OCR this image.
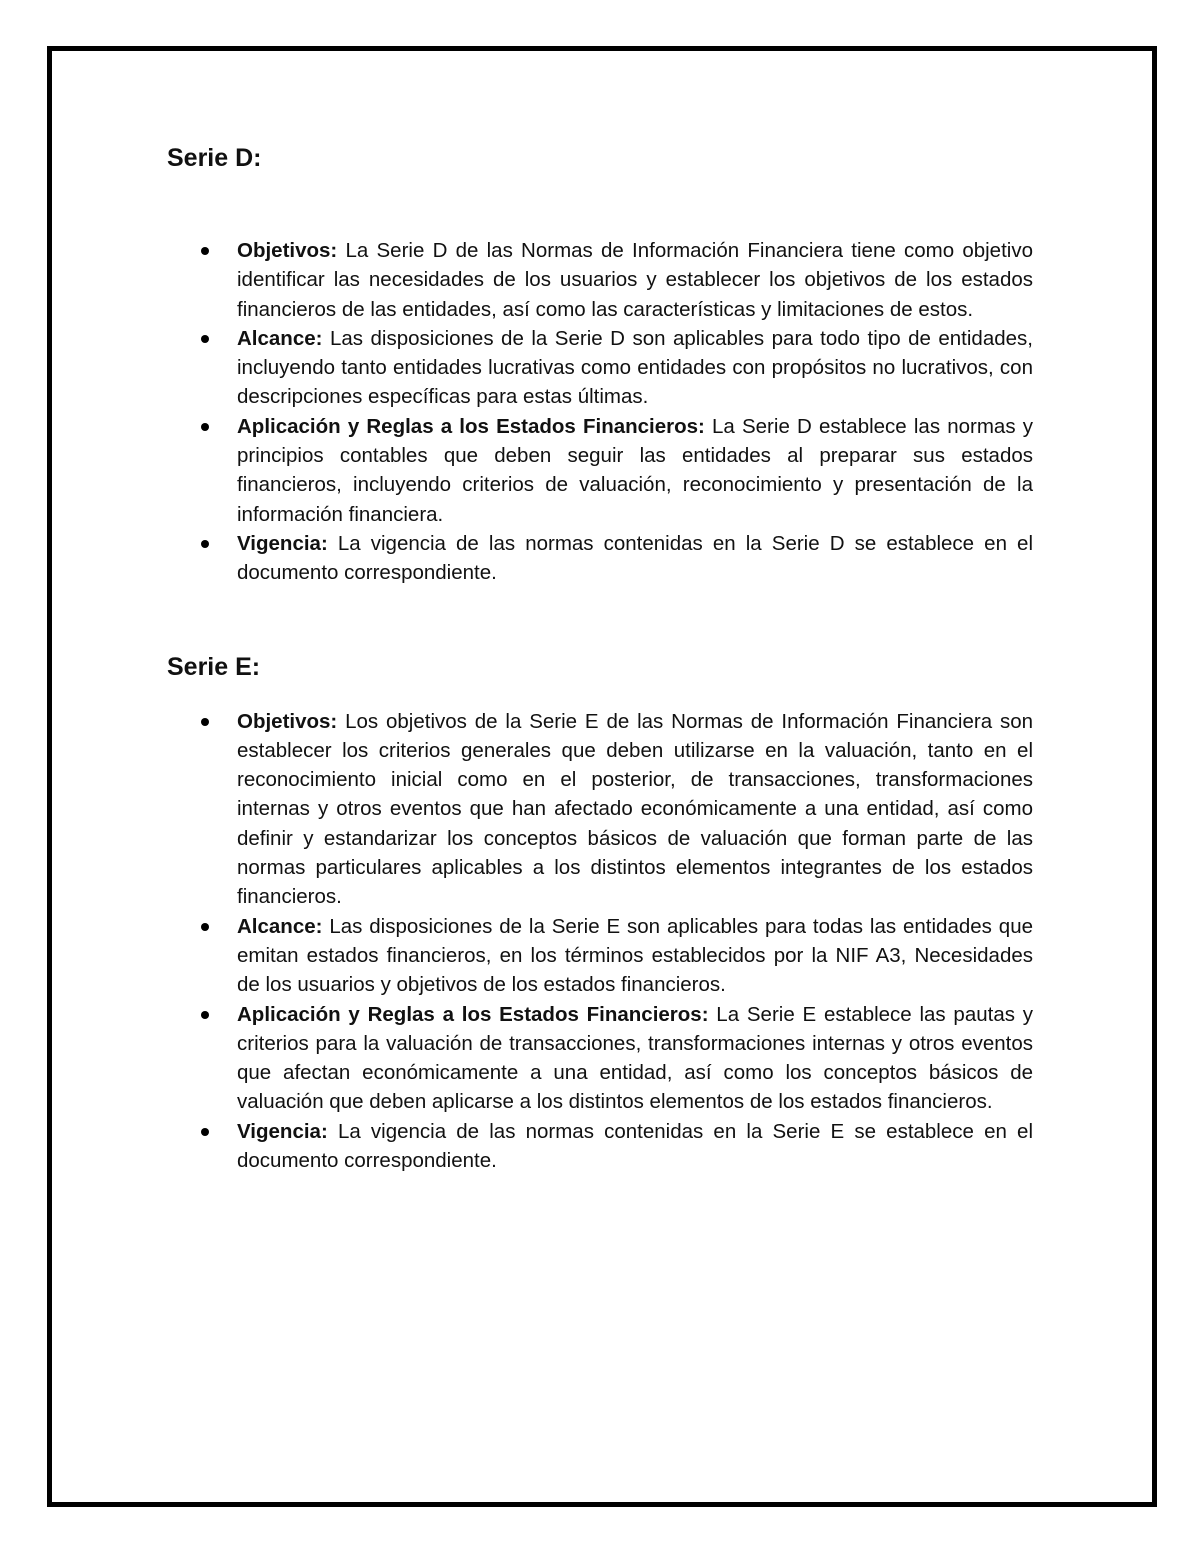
Serie D:
Objetivos: La Serie D de las Normas de Información Financiera tiene como objetivo identificar las necesidades de los usuarios y establecer los objetivos de los estados financieros de las entidades, así como las características y limitaciones de estos.
Alcance: Las disposiciones de la Serie D son aplicables para todo tipo de entidades, incluyendo tanto entidades lucrativas como entidades con propósitos no lucrativos, con descripciones específicas para estas últimas.
Aplicación y Reglas a los Estados Financieros: La Serie D establece las normas y principios contables que deben seguir las entidades al preparar sus estados financieros, incluyendo criterios de valuación, reconocimiento y presentación de la información financiera.
Vigencia: La vigencia de las normas contenidas en la Serie D se establece en el documento correspondiente.
Serie E:
Objetivos: Los objetivos de la Serie E de las Normas de Información Financiera son establecer los criterios generales que deben utilizarse en la valuación, tanto en el reconocimiento inicial como en el posterior, de transacciones, transformaciones internas y otros eventos que han afectado económicamente a una entidad, así como definir y estandarizar los conceptos básicos de valuación que forman parte de las normas particulares aplicables a los distintos elementos integrantes de los estados financieros.
Alcance: Las disposiciones de la Serie E son aplicables para todas las entidades que emitan estados financieros, en los términos establecidos por la NIF A3, Necesidades de los usuarios y objetivos de los estados financieros.
Aplicación y Reglas a los Estados Financieros: La Serie E establece las pautas y criterios para la valuación de transacciones, transformaciones internas y otros eventos que afectan económicamente a una entidad, así como los conceptos básicos de valuación que deben aplicarse a los distintos elementos de los estados financieros.
Vigencia: La vigencia de las normas contenidas en la Serie E se establece en el documento correspondiente.
